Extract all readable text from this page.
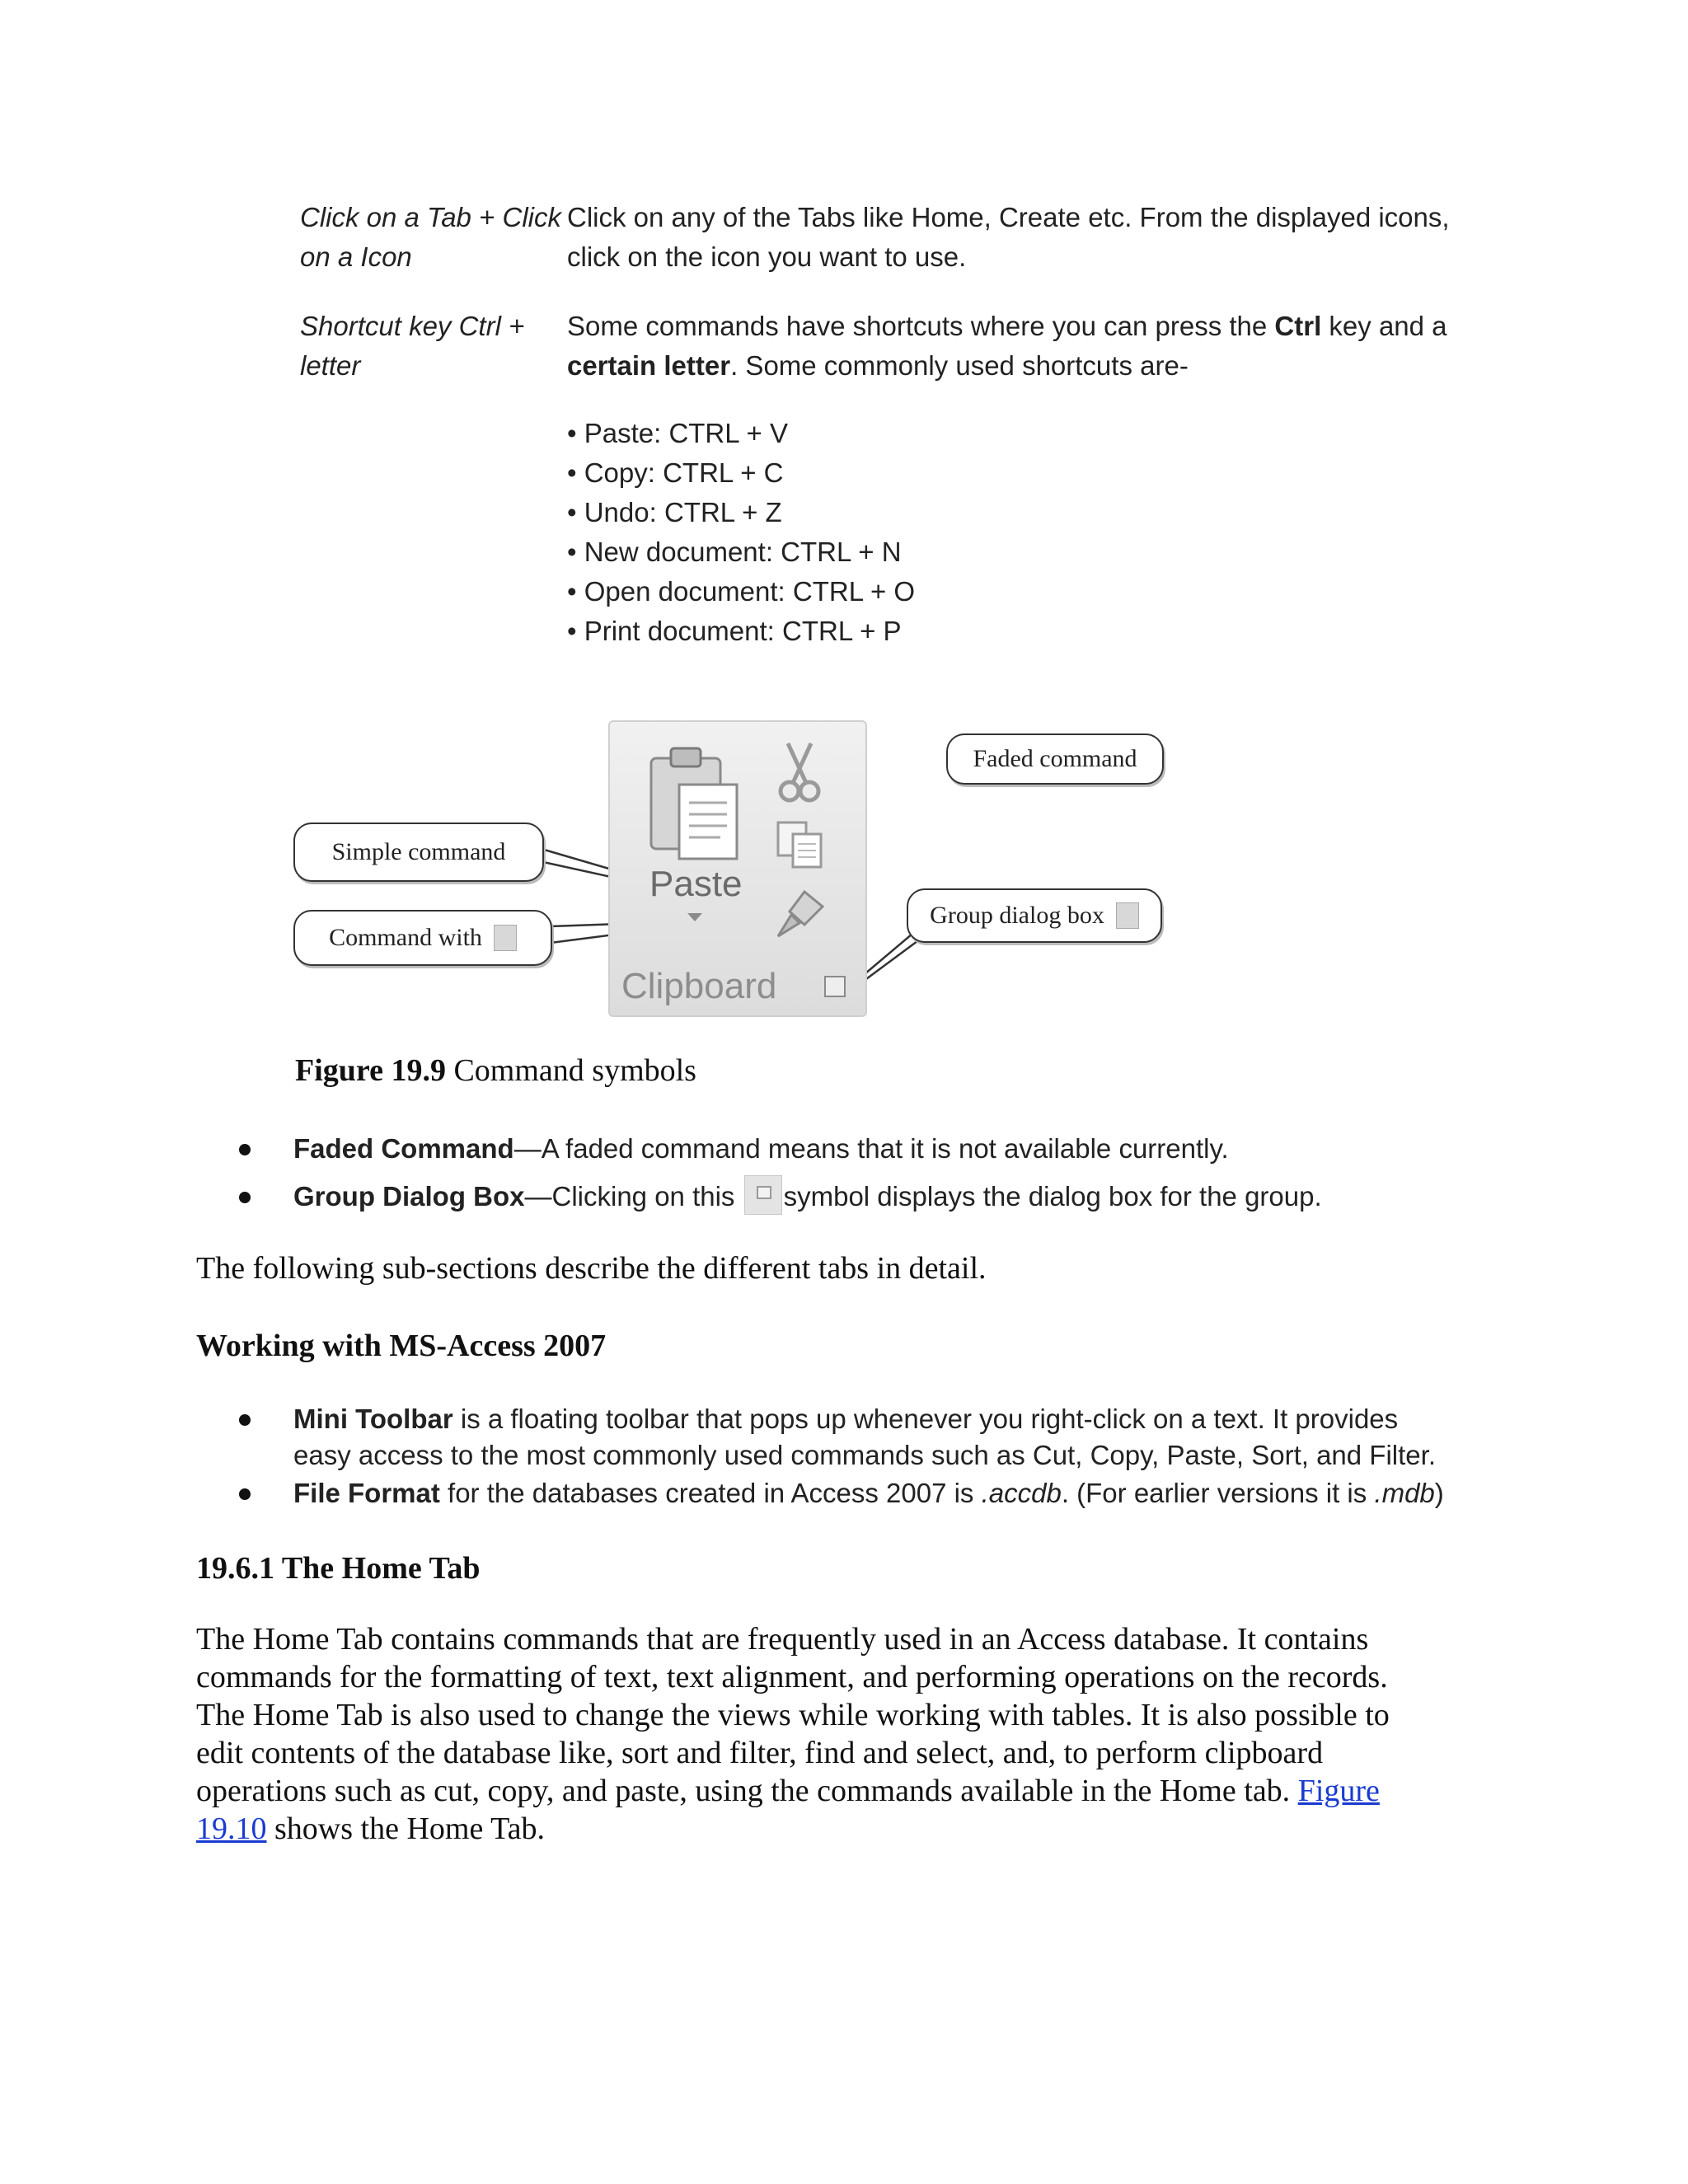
Click on a Tab + Click
on a Icon
Click on any of the Tabs like Home, Create etc. From the displayed icons,
click on the icon you want to use.
Shortcut key Ctrl +
letter
Some commands have shortcuts where you can press the Ctrl key and a
certain letter. Some commonly used shortcuts are-
• Paste: CTRL + V
• Copy: CTRL + C
• Undo: CTRL + Z
• New document: CTRL + N
• Open document: CTRL + O
• Print document: CTRL + P
Paste
Clipboard
Faded command
Simple command
Command with
Group dialog box
Figure 19.9 Command symbols
Faded Command—A faded command means that it is not available currently.
Group Dialog Box—Clicking on this symbol displays the dialog box for the group.
The following sub-sections describe the different tabs in detail.
Working with MS-Access 2007
Mini Toolbar is a floating toolbar that pops up whenever you right-click on a text. It provides
easy access to the most commonly used commands such as Cut, Copy, Paste, Sort, and Filter.
File Format for the databases created in Access 2007 is .accdb. (For earlier versions it is .mdb)
19.6.1 The Home Tab
The Home Tab contains commands that are frequently used in an Access database. It contains
commands for the formatting of text, text alignment, and performing operations on the records.
The Home Tab is also used to change the views while working with tables. It is also possible to
edit contents of the database like, sort and filter, find and select, and, to perform clipboard
operations such as cut, copy, and paste, using the commands available in the Home tab. Figure
19.10 shows the Home Tab.
